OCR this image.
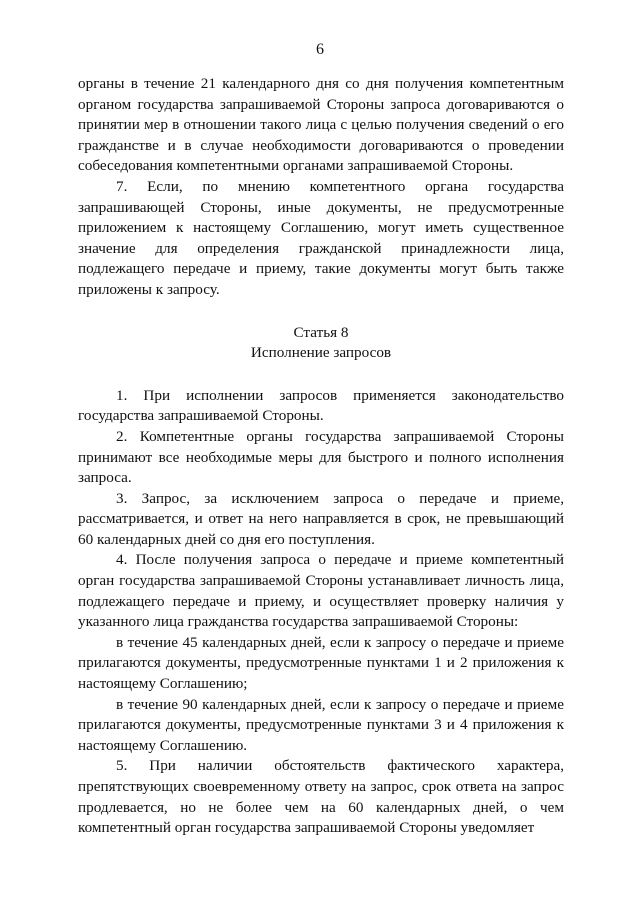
6

органы в течение 21 календарного дня со дня получения компетентным органом государства запрашиваемой Стороны запроса договариваются о принятии мер в отношении такого лица с целью получения сведений о его гражданстве и в случае необходимости договариваются о проведении собеседования компетентными органами запрашиваемой Стороны.

7. Если, по мнению компетентного органа государства запрашивающей Стороны, иные документы, не предусмотренные приложением к настоящему Соглашению, могут иметь существенное значение для определения гражданской принадлежности лица, подлежащего передаче и приему, такие документы могут быть также приложены к запросу.

Статья 8

Исполнение запросов

1. При исполнении запросов применяется законодательство государства запрашиваемой Стороны.

2. Компетентные органы государства запрашиваемой Стороны принимают все необходимые меры для быстрого и полного исполнения запроса.

3. Запрос, за исключением запроса о передаче и приеме, рассматривается, и ответ на него направляется в срок, не превышающий 60 календарных дней со дня его поступления.

4. После получения запроса о передаче и приеме компетентный орган государства запрашиваемой Стороны устанавливает личность лица, подлежащего передаче и приему, и осуществляет проверку наличия у указанного лица гражданства государства запрашиваемой Стороны:

в течение 45 календарных дней, если к запросу о передаче и приеме прилагаются документы, предусмотренные пунктами 1 и 2 приложения к настоящему Соглашению;

в течение 90 календарных дней, если к запросу о передаче и приеме прилагаются документы, предусмотренные пунктами 3 и 4 приложения к настоящему Соглашению.

5. При наличии обстоятельств фактического характера, препятствующих своевременному ответу на запрос, срок ответа на запрос продлевается, но не более чем на 60 календарных дней, о чем компетентный орган государства запрашиваемой Стороны уведомляет
